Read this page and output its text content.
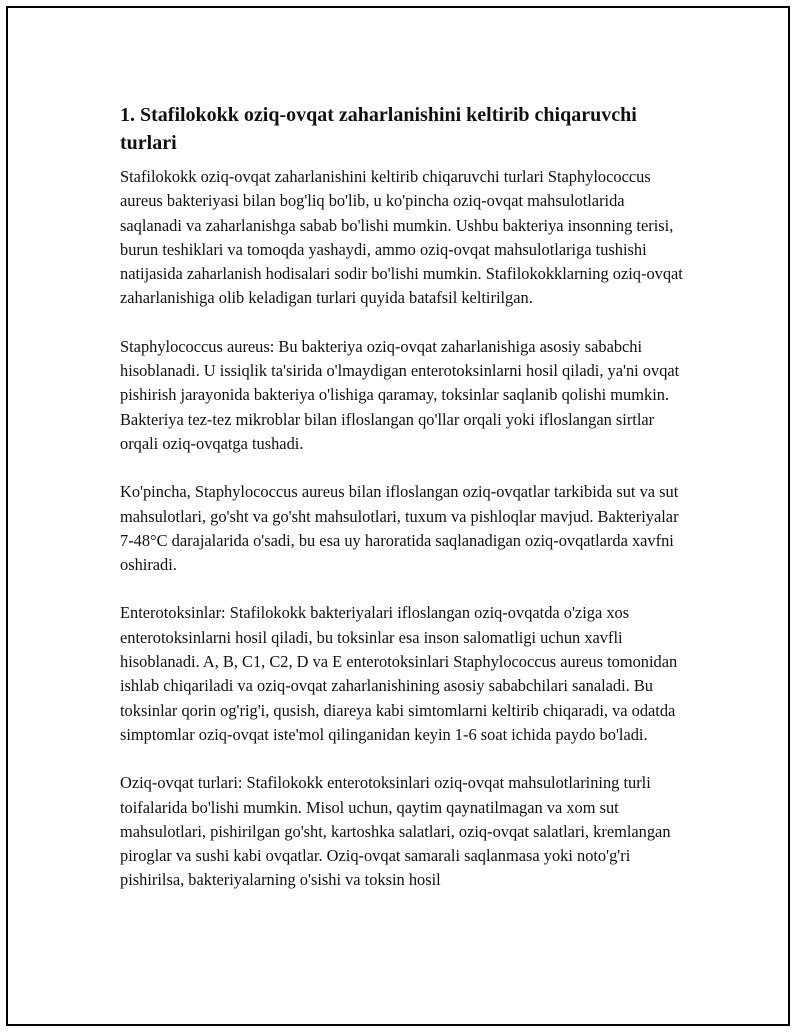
1. Stafilokokk oziq-ovqat zaharlanishini keltirib chiqaruvchi turlari

Stafilokokk oziq-ovqat zaharlanishini keltirib chiqaruvchi turlari Staphylococcus aureus bakteriyasi bilan bog'liq bo'lib, u ko'pincha oziq-ovqat mahsulotlarida saqlanadi va zaharlanishga sabab bo'lishi mumkin. Ushbu bakteriya insonning terisi, burun teshiklari va tomoqda yashaydi, ammo oziq-ovqat mahsulotlariga tushishi natijasida zaharlanish hodisalari sodir bo'lishi mumkin. Stafilokokklarning oziq-ovqat zaharlanishiga olib keladigan turlari quyida batafsil keltirilgan.

Staphylococcus aureus: Bu bakteriya oziq-ovqat zaharlanishiga asosiy sababchi hisoblanadi. U issiqlik ta'sirida o'lmaydigan enterotoksinlarni hosil qiladi, ya'ni ovqat pishirish jarayonida bakteriya o'lishiga qaramay, toksinlar saqlanib qolishi mumkin. Bakteriya tez-tez mikroblar bilan ifloslangan qo'llar orqali yoki ifloslangan sirtlar orqali oziq-ovqatga tushadi.

Ko'pincha, Staphylococcus aureus bilan ifloslangan oziq-ovqatlar tarkibida sut va sut mahsulotlari, go'sht va go'sht mahsulotlari, tuxum va pishloqlar mavjud. Bakteriyalar 7-48°C darajalarida o'sadi, bu esa uy haroratida saqlanadigan oziq-ovqatlarda xavfni oshiradi.

Enterotoksinlar: Stafilokokk bakteriyalari ifloslangan oziq-ovqatda o'ziga xos enterotoksinlarni hosil qiladi, bu toksinlar esa inson salomatligi uchun xavfli hisoblanadi. A, B, C1, C2, D va E enterotoksinlari Staphylococcus aureus tomonidan ishlab chiqariladi va oziq-ovqat zaharlanishining asosiy sababchilari sanaladi. Bu toksinlar qorin og'rig'i, qusish, diareya kabi simtomlarni keltirib chiqaradi, va odatda simptomlar oziq-ovqat iste'mol qilinganidan keyin 1-6 soat ichida paydo bo'ladi.

Oziq-ovqat turlari: Stafilokokk enterotoksinlari oziq-ovqat mahsulotlarining turli toifalarida bo'lishi mumkin. Misol uchun, qaytim qaynatilmagan va xom sut mahsulotlari, pishirilgan go'sht, kartoshka salatlari, oziq-ovqat salatlari, kremlangan piroglar va sushi kabi ovqatlar. Oziq-ovqat samarali saqlanmasa yoki noto'g'ri pishirilsa, bakteriyalarning o'sishi va toksin hosil
